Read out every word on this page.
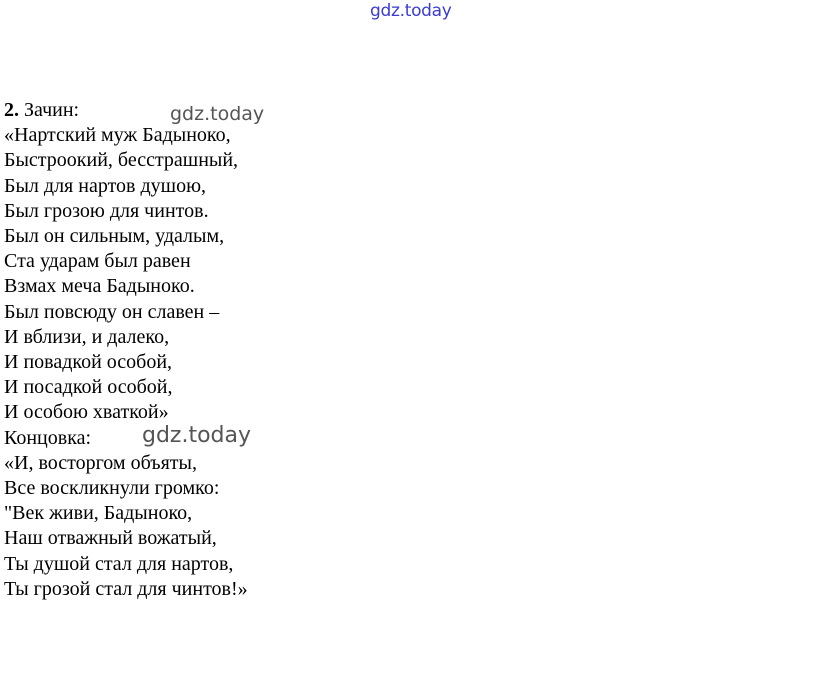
gdz.today
2. Зачин:
«Нартский муж Бадыноко,
Быстроокий, бесстрашный,
Был для нартов душою,
Был грозою для чинтов.
Был он сильным, удалым,
Ста ударам был равен
Взмах меча Бадыноко.
Был повсюду он славен –
И вблизи, и далеко,
И повадкой особой,
И посадкой особой,
И особою хваткой»
Концовка:
«И, восторгом объяты,
Все воскликнули громко:
"Век живи, Бадыноко,
Наш отважный вожатый,
Ты душой стал для нартов,
Ты грозой стал для чинтов!»
gdz.today
gdz.today
